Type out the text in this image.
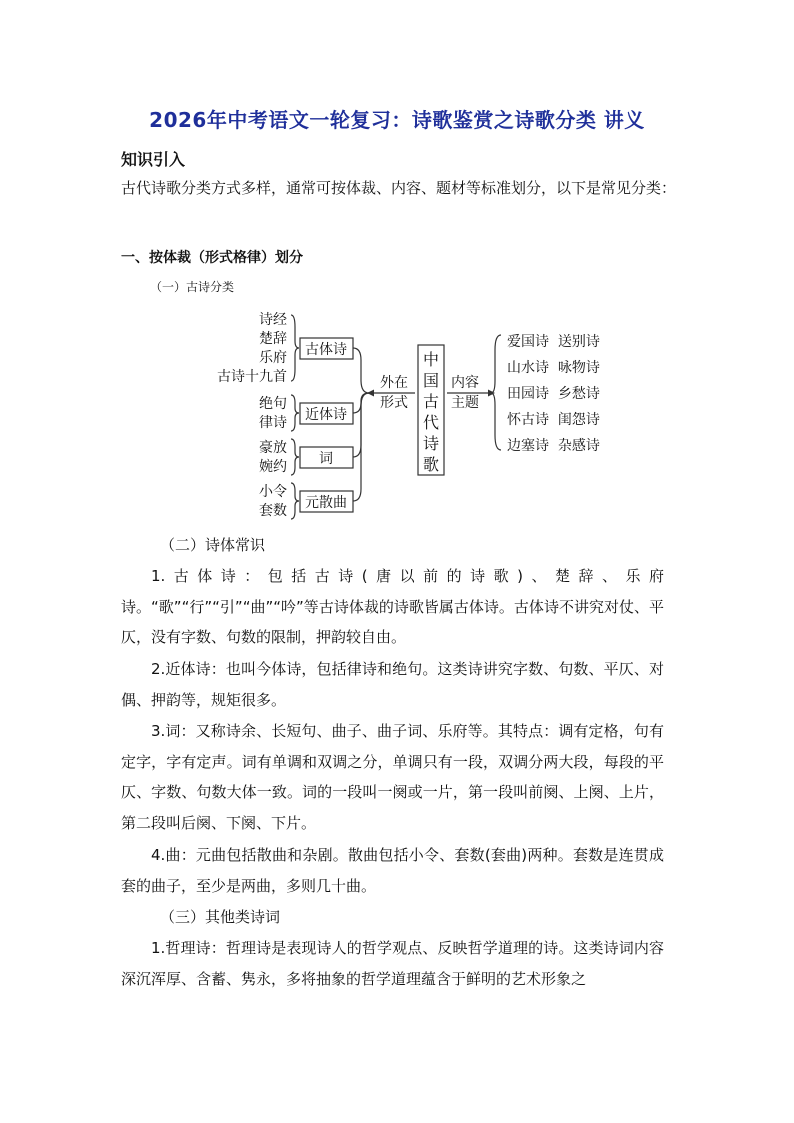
2026年中考语文一轮复习：诗歌鉴赏之诗歌分类 讲义
知识引入
古代诗歌分类方式多样，通常可按体裁、内容、题材等标准划分，以下是常见分类：
一、按体裁（形式格律）划分
（一）古诗分类
诗经
楚辞
乐府
古诗十九首
绝句
律诗
豪放
婉约
小令
套数
古体诗
近体诗
词
元散曲
外在
形式
中
国
古
代
诗
歌
内容
主题
爱国诗  送别诗
山水诗  咏物诗
田园诗  乡愁诗
怀古诗  闺怨诗
边塞诗  杂感诗
（二）诗体常识
1.古体诗：包括古诗(唐以前的诗歌)、楚辞、乐府诗。“歌”“行”“引”“曲”“吟”等古诗体裁的诗歌皆属古体诗。古体诗不讲究对仗、平仄，没有字数、句数的限制，押韵较自由。
2.近体诗：也叫今体诗，包括律诗和绝句。这类诗讲究字数、句数、平仄、对偶、押韵等，规矩很多。
3.词：又称诗余、长短句、曲子、曲子词、乐府等。其特点：调有定格，句有定字，字有定声。词有单调和双调之分，单调只有一段，双调分两大段，每段的平仄、字数、句数大体一致。词的一段叫一阕或一片，第一段叫前阕、上阕、上片，第二段叫后阕、下阕、下片。
4.曲：元曲包括散曲和杂剧。散曲包括小令、套数(套曲)两种。套数是连贯成套的曲子，至少是两曲，多则几十曲。
（三）其他类诗词
1.哲理诗：哲理诗是表现诗人的哲学观点、反映哲学道理的诗。这类诗词内容深沉浑厚、含蓄、隽永，多将抽象的哲学道理蕴含于鲜明的艺术形象之
